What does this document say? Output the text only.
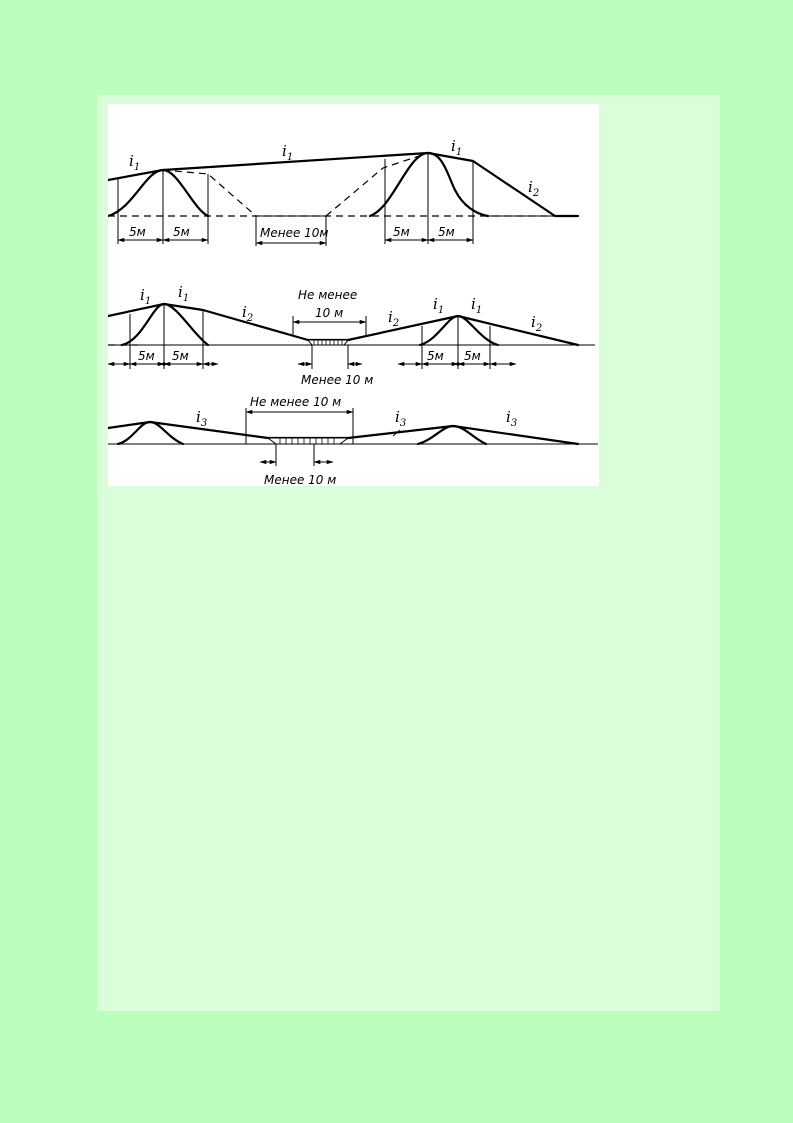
5м 5м	Менее 10м	5м 5м
$i_1$
$i_1$
$i_1$
$i_2$
Не менее
10 м
5м 5м
Менее 10 м
5м 5м
$i_1$
$i_1$
$i_2$	$i_2$
$i_1$ $i_1$
$i_2$
Не менее 10 м
Менее 10 м
$i_3$	$i_3$	$i_3$
